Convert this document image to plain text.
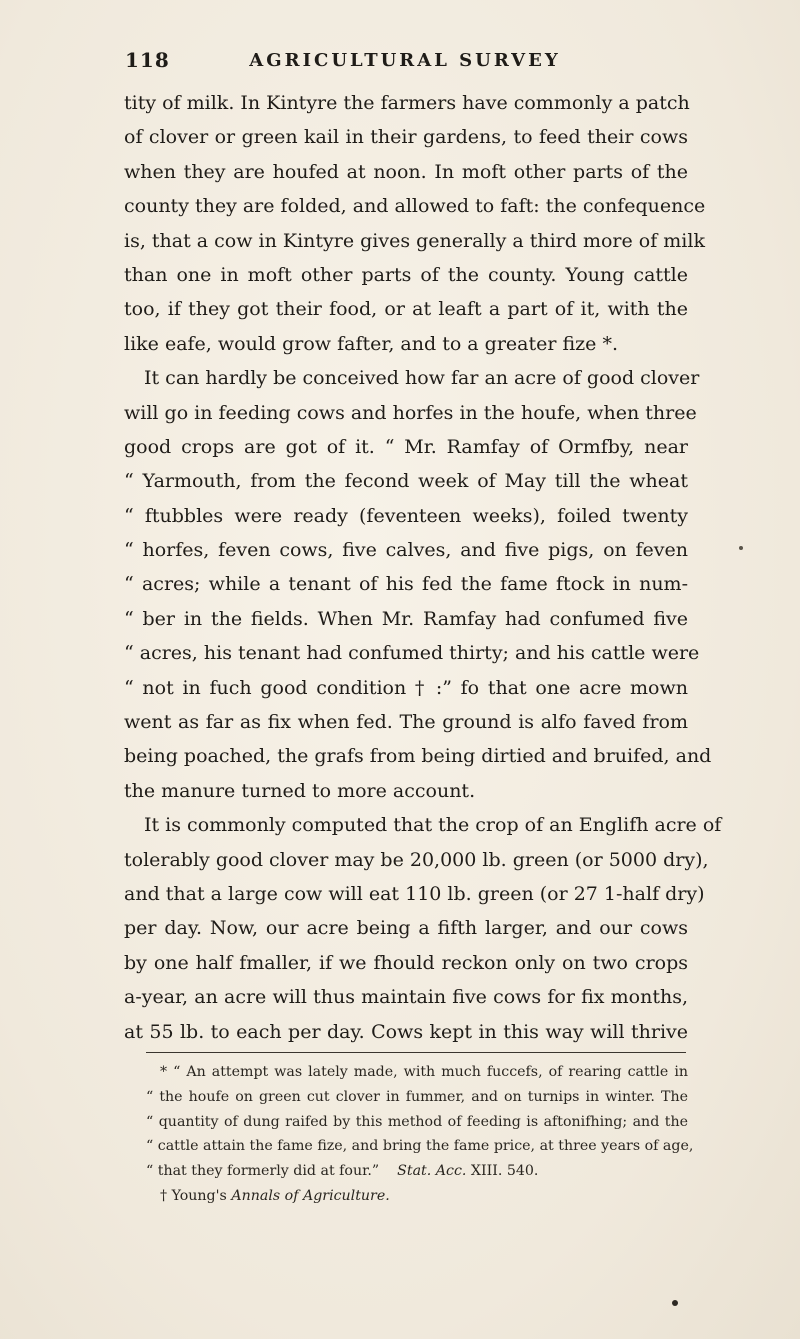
118	AGRICULTURAL SURVEY
tity of milk. In Kintyre the farmers have commonly a patch
of clover or green kail in their gardens, to feed their cows
when they are houfed at noon. In moft other parts of the
county they are folded, and allowed to faft: the confequence
is, that a cow in Kintyre gives generally a third more of milk
than one in moft other parts of the county. Young cattle
too, if they got their food, or at leaft a part of it, with the
like eafe, would grow fafter, and to a greater fize *.
It can hardly be conceived how far an acre of good clover
will go in feeding cows and horfes in the houfe, when three
good crops are got of it. “ Mr. Ramfay of Ormfby, near
“ Yarmouth, from the fecond week of May till the wheat
“ ftubbles were ready (feventeen weeks), foiled twenty
“ horfes, feven cows, five calves, and five pigs, on feven
“ acres; while a tenant of his fed the fame ftock in num-
“ ber in the fields. When Mr. Ramfay had confumed five
“ acres, his tenant had confumed thirty; and his cattle were
“ not in fuch good condition † :” fo that one acre mown
went as far as fix when fed. The ground is alfo faved from
being poached, the grafs from being dirtied and bruifed, and
the manure turned to more account.
It is commonly computed that the crop of an Englifh acre of
tolerably good clover may be 20,000 lb. green (or 5000 dry),
and that a large cow will eat 110 lb. green (or 27 1-half dry)
per day. Now, our acre being a fifth larger, and our cows
by one half fmaller, if we fhould reckon only on two crops
a-year, an acre will thus maintain five cows for fix months,
at 55 lb. to each per day. Cows kept in this way will thrive
* “ An attempt was lately made, with much fuccefs, of rearing cattle in
“ the houfe on green cut clover in fummer, and on turnips in winter. The
“ quantity of dung raifed by this method of feeding is aftonifhing; and the
“ cattle attain the fame fize, and bring the fame price, at three years of age,
“ that they formerly did at four.” Stat. Acc. XIII. 540.
† Young's Annals of Agriculture.
